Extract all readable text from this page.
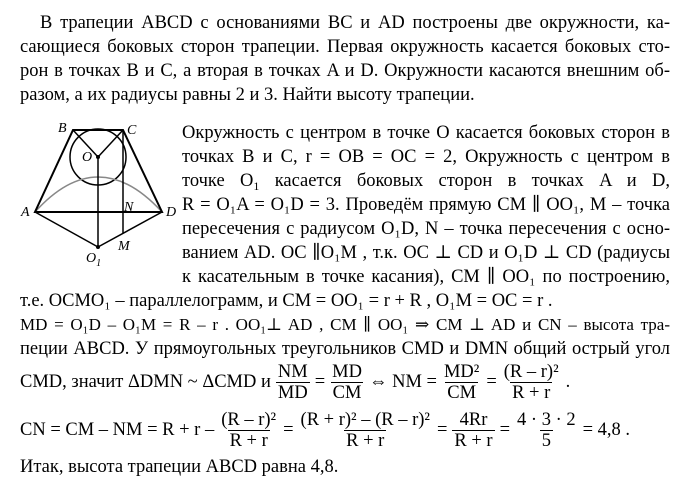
В трапеции ABCD с основаниями BC и AD построены две окружности, ка-
сающиеся боковых сторон трапеции. Первая окружность касается боковых сто-
рон в точках B и C, а вторая в точках A и D. Окружности касаются внешним об-
разом, а их радиусы равны 2 и 3. Найти высоту трапеции.
B	C
O
A	D
N
$O_1$
M
Окружность с центром в точке O касается боковых сторон в
точках B и C, r = OB = OC = 2, Окружность с центром в
точке $O_1$ касается боковых сторон в точках A и D,
R = O₁A = O₁D = 3. Проведём прямую CM ∥ OO₁, M – точка
пересечения с радиусом O₁D, N – точка пересечения с осно-
ванием AD. OC ∥O₁M , т.к. OC ⊥ CD и O₁D ⊥ CD (радиусы
к касательным в точке касания), CM ∥ OO₁ по построению,
т.е. OCMO₁ – параллелограмм, и CM = OO₁ = r + R , O₁M = OC = r .
MD = O₁D – O₁M = R – r . OO₁⊥ AD , CM ∥ OO₁ ⇒ CM ⊥ AD и CN – высота тра-
пеции ABCD. У прямоугольных треугольников CMD и DMN общий острый угол
CMD, значит ΔDMN ~ ΔCMD и $\frac{NM}{MD} = \frac{MD}{CM}$ ⇔ NM = $\frac{\text{MD²}}{CM} = \frac{\text{(R – r)²}}{R + r}$ .
CN = CM – NM = $R + r - \frac{\text{(R – r)²}}{R + r} = \frac{\text{(R + r)² – (R – r)²}}{R + r} = \frac{4Rr}{R + r} = \frac{4 \cdot 3 \cdot 2}{5} = 4,8$ .
Итак, высота трапеции ABCD равна 4,8.
